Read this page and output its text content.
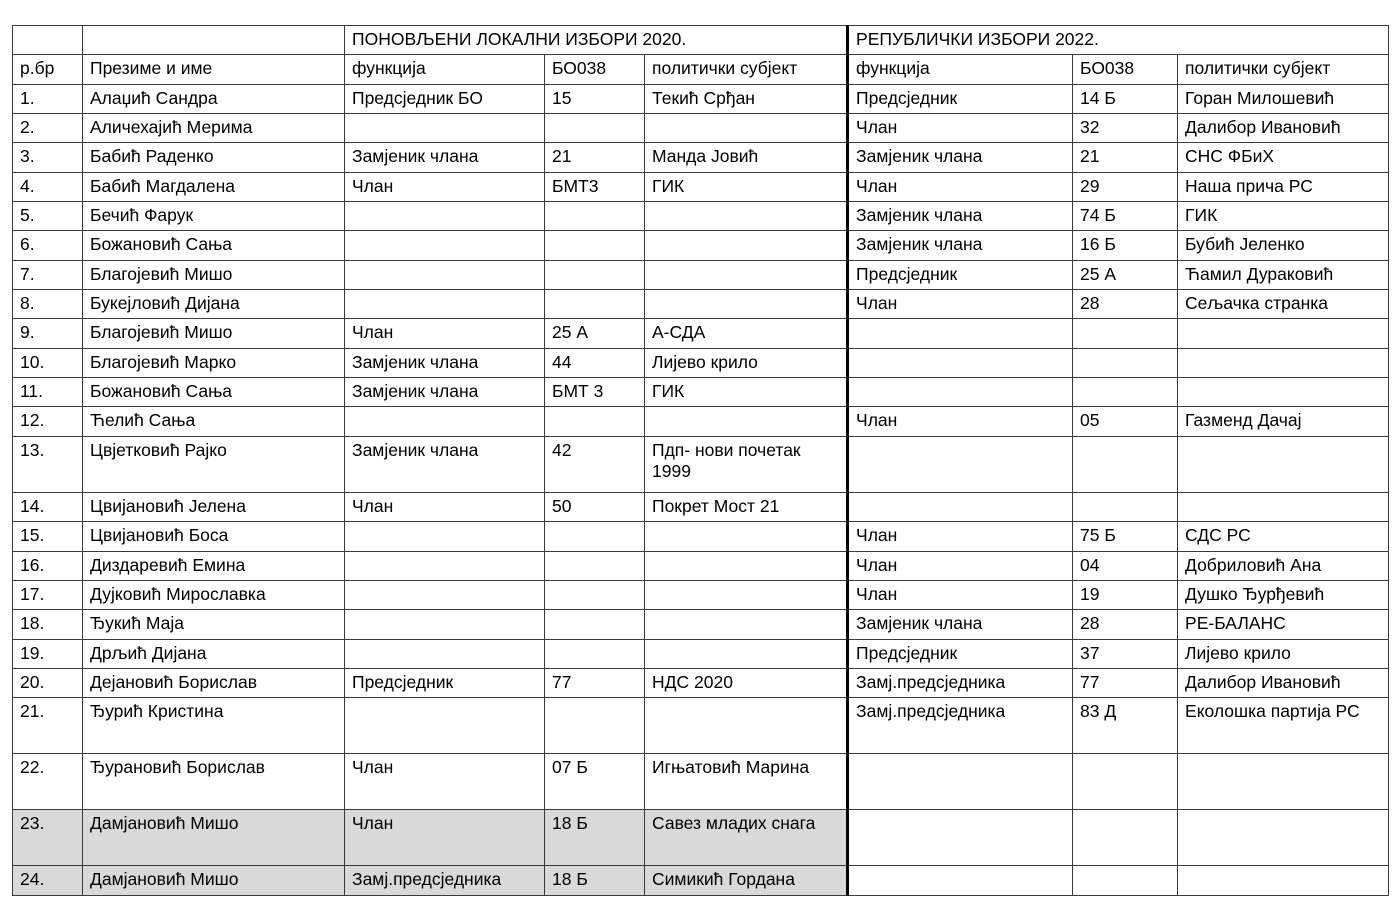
		ПОНОВЉЕНИ ЛОКАЛНИ ИЗБОРИ 2020.			РЕПУБЛИЧКИ ИЗБОРИ 2022.		
р.бр	Презиме и име	функција	БО038	политички субјект	функција	БО038	политички субјект
1.	Алаџић Сандра	Предсједник БО	15	Текић Срђан	Предсједник	14 Б	Горан Милошевић
2.	Аличехајић Мерима				Члан	32	Далибор Ивановић
3.	Бабић Раденко	Замјеник члана	21	Манда Јовић	Замјеник члана	21	СНС ФБиХ
4.	Бабић Магдалена	Члан	БМТ3	ГИК	Члан	29	Наша прича РС
5.	Бечић Фарук				Замјеник члана	74 Б	ГИК
6.	Божановић Сања				Замјеник члана	16 Б	Бубић Јеленко
7.	Благојевић Мишо				Предсједник	25 А	Ћамил Дураковић
8.	Букејловић Дијана				Члан	28	Сељачка странка
9.	Благојевић Мишо	Члан	25 А	А-СДА			
10.	Благојевић Марко	Замјеник члана	44	Лијево крило			
11.	Божановић Сања	Замјеник члана	БМТ 3	ГИК			
12.	Ћелић Сања				Члан	05	Газменд Дачај
13.	Цвјетковић Рајко	Замјеник члана	42	Пдп- нови почетак 1999			
14.	Цвијановић Јелена	Члан	50	Покрет Мост 21			
15.	Цвијановић Боса				Члан	75 Б	СДС РС
16.	Диздаревић Емина				Члан	04	Добриловић Ана
17.	Дујковић Мирославка				Члан	19	Душко Ђурђевић
18.	Ђукић Маја				Замјеник члана	28	РЕ-БАЛАНС
19.	Дрљић Дијана				Предсједник	37	Лијево крило
20.	Дејановић Борислав	Предсједник	77	НДС 2020	Замј.предсједника	77	Далибор Ивановић
21.	Ђурић Кристина				Замј.предсједника	83 Д	Еколошка партија РС
22.	Ђурановић Борислав	Члан	07 Б	Игњатовић Марина			
23.	Дамјановић Мишо	Члан	18 Б	Савез младих снага			
24.	Дамјановић Мишо	Замј.предсједника	18 Б	Симикић Гордана			
